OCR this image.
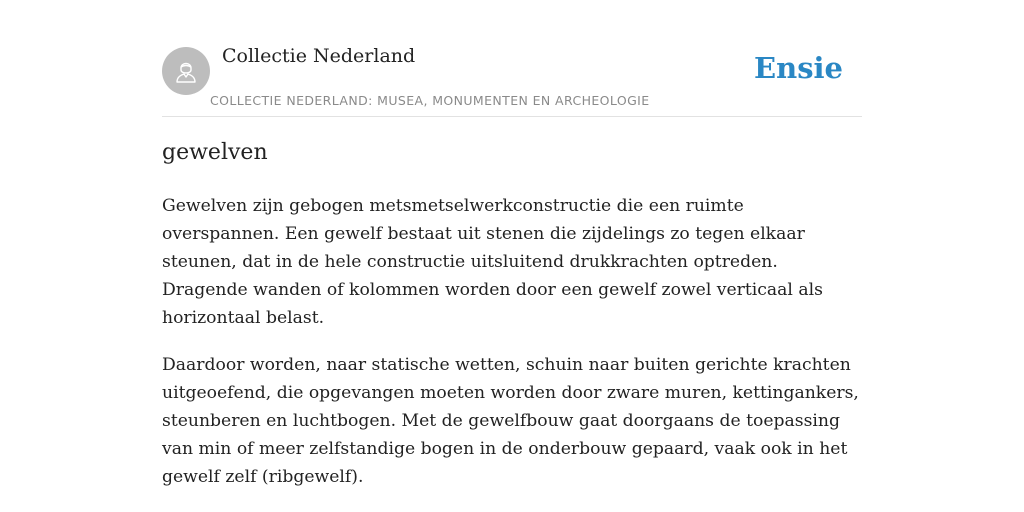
Collectie Nederland
COLLECTIE NEDERLAND: MUSEA, MONUMENTEN EN ARCHEOLOGIE
Ensie
gewelven

Gewelven zijn gebogen metsmetselwerkconstructie die een ruimte overspannen. Een gewelf bestaat uit stenen die zijdelings zo tegen elkaar steunen, dat in de hele constructie uitsluitend drukkrachten optreden. Dragende wanden of kolommen worden door een gewelf zowel verticaal als horizontaal belast.

Daardoor worden, naar statische wetten, schuin naar buiten gerichte krachten uitgeoefend, die opgevangen moeten worden door zware muren, kettingankers, steunberen en luchtbogen. Met de gewelfbouw gaat doorgaans de toepassing van min of meer zelfstandige bogen in de onderbouw gepaard, vaak ook in het gewelf zelf (ribgewelf).
